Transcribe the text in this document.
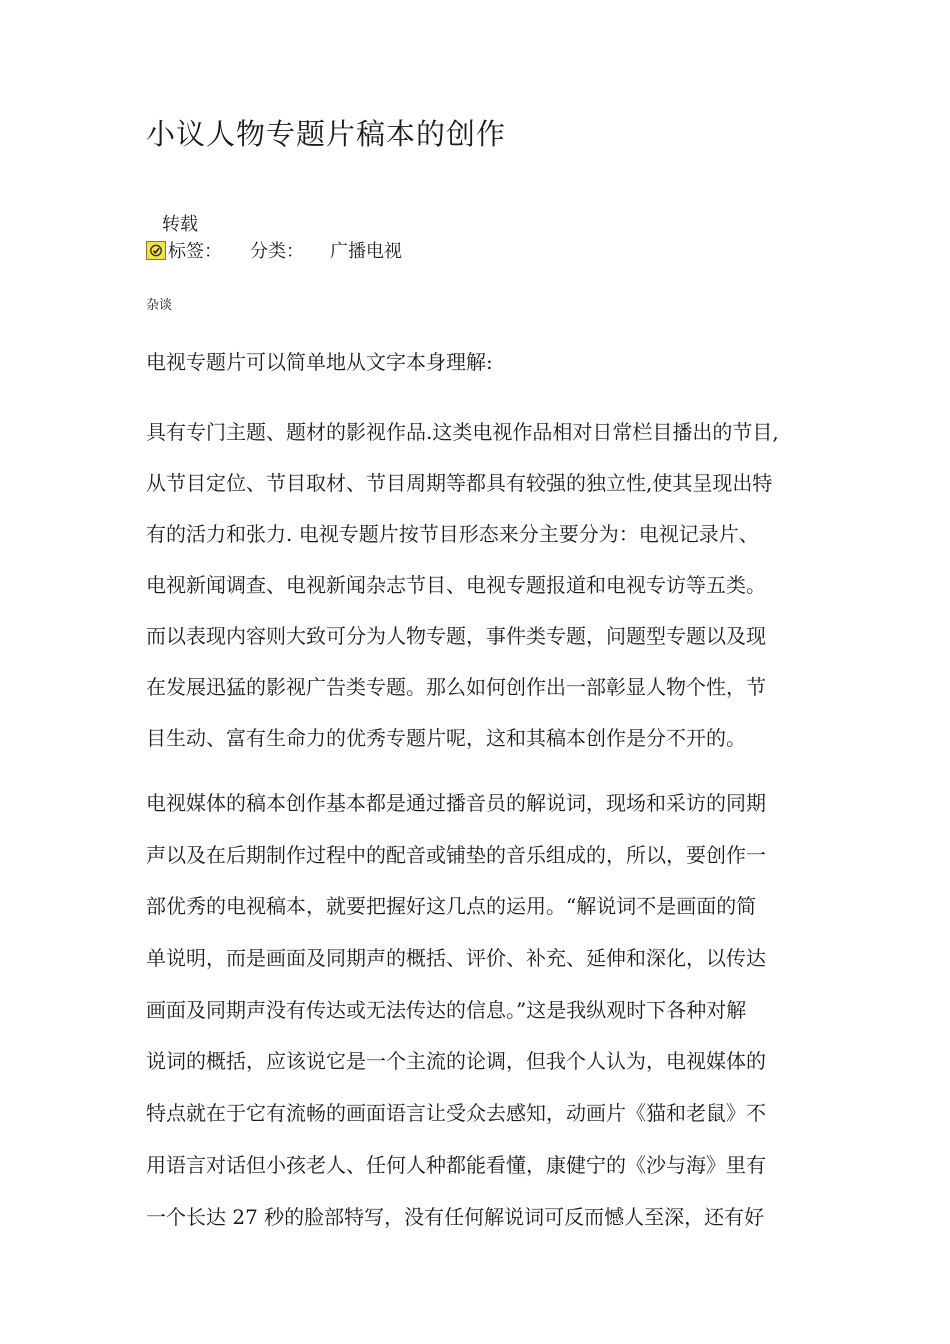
小议人物专题片稿本的创作
转载
标签： 分类： 广播电视
杂谈
电视专题片可以简单地从文字本身理解:
具有专门主题、题材的影视作品.这类电视作品相对日常栏目播出的节目,
从节目定位、节目取材、节目周期等都具有较强的独立性,使其呈现出特
有的活力和张力. 电视专题片按节目形态来分主要分为：电视记录片、
电视新闻调查、电视新闻杂志节目、电视专题报道和电视专访等五类。
而以表现内容则大致可分为人物专题，事件类专题，问题型专题以及现
在发展迅猛的影视广告类专题。那么如何创作出一部彰显人物个性，节
目生动、富有生命力的优秀专题片呢，这和其稿本创作是分不开的。
电视媒体的稿本创作基本都是通过播音员的解说词，现场和采访的同期
声以及在后期制作过程中的配音或铺垫的音乐组成的，所以，要创作一
部优秀的电视稿本，就要把握好这几点的运用。“解说词不是画面的简
单说明，而是画面及同期声的概括、评价、补充、延伸和深化，以传达
画面及同期声没有传达或无法传达的信息。”这是我纵观时下各种对解
说词的概括，应该说它是一个主流的论调，但我个人认为，电视媒体的
特点就在于它有流畅的画面语言让受众去感知，动画片《猫和老鼠》不
用语言对话但小孩老人、任何人种都能看懂，康健宁的《沙与海》里有
一个长达 27 秒的脸部特写，没有任何解说词可反而憾人至深，还有好
